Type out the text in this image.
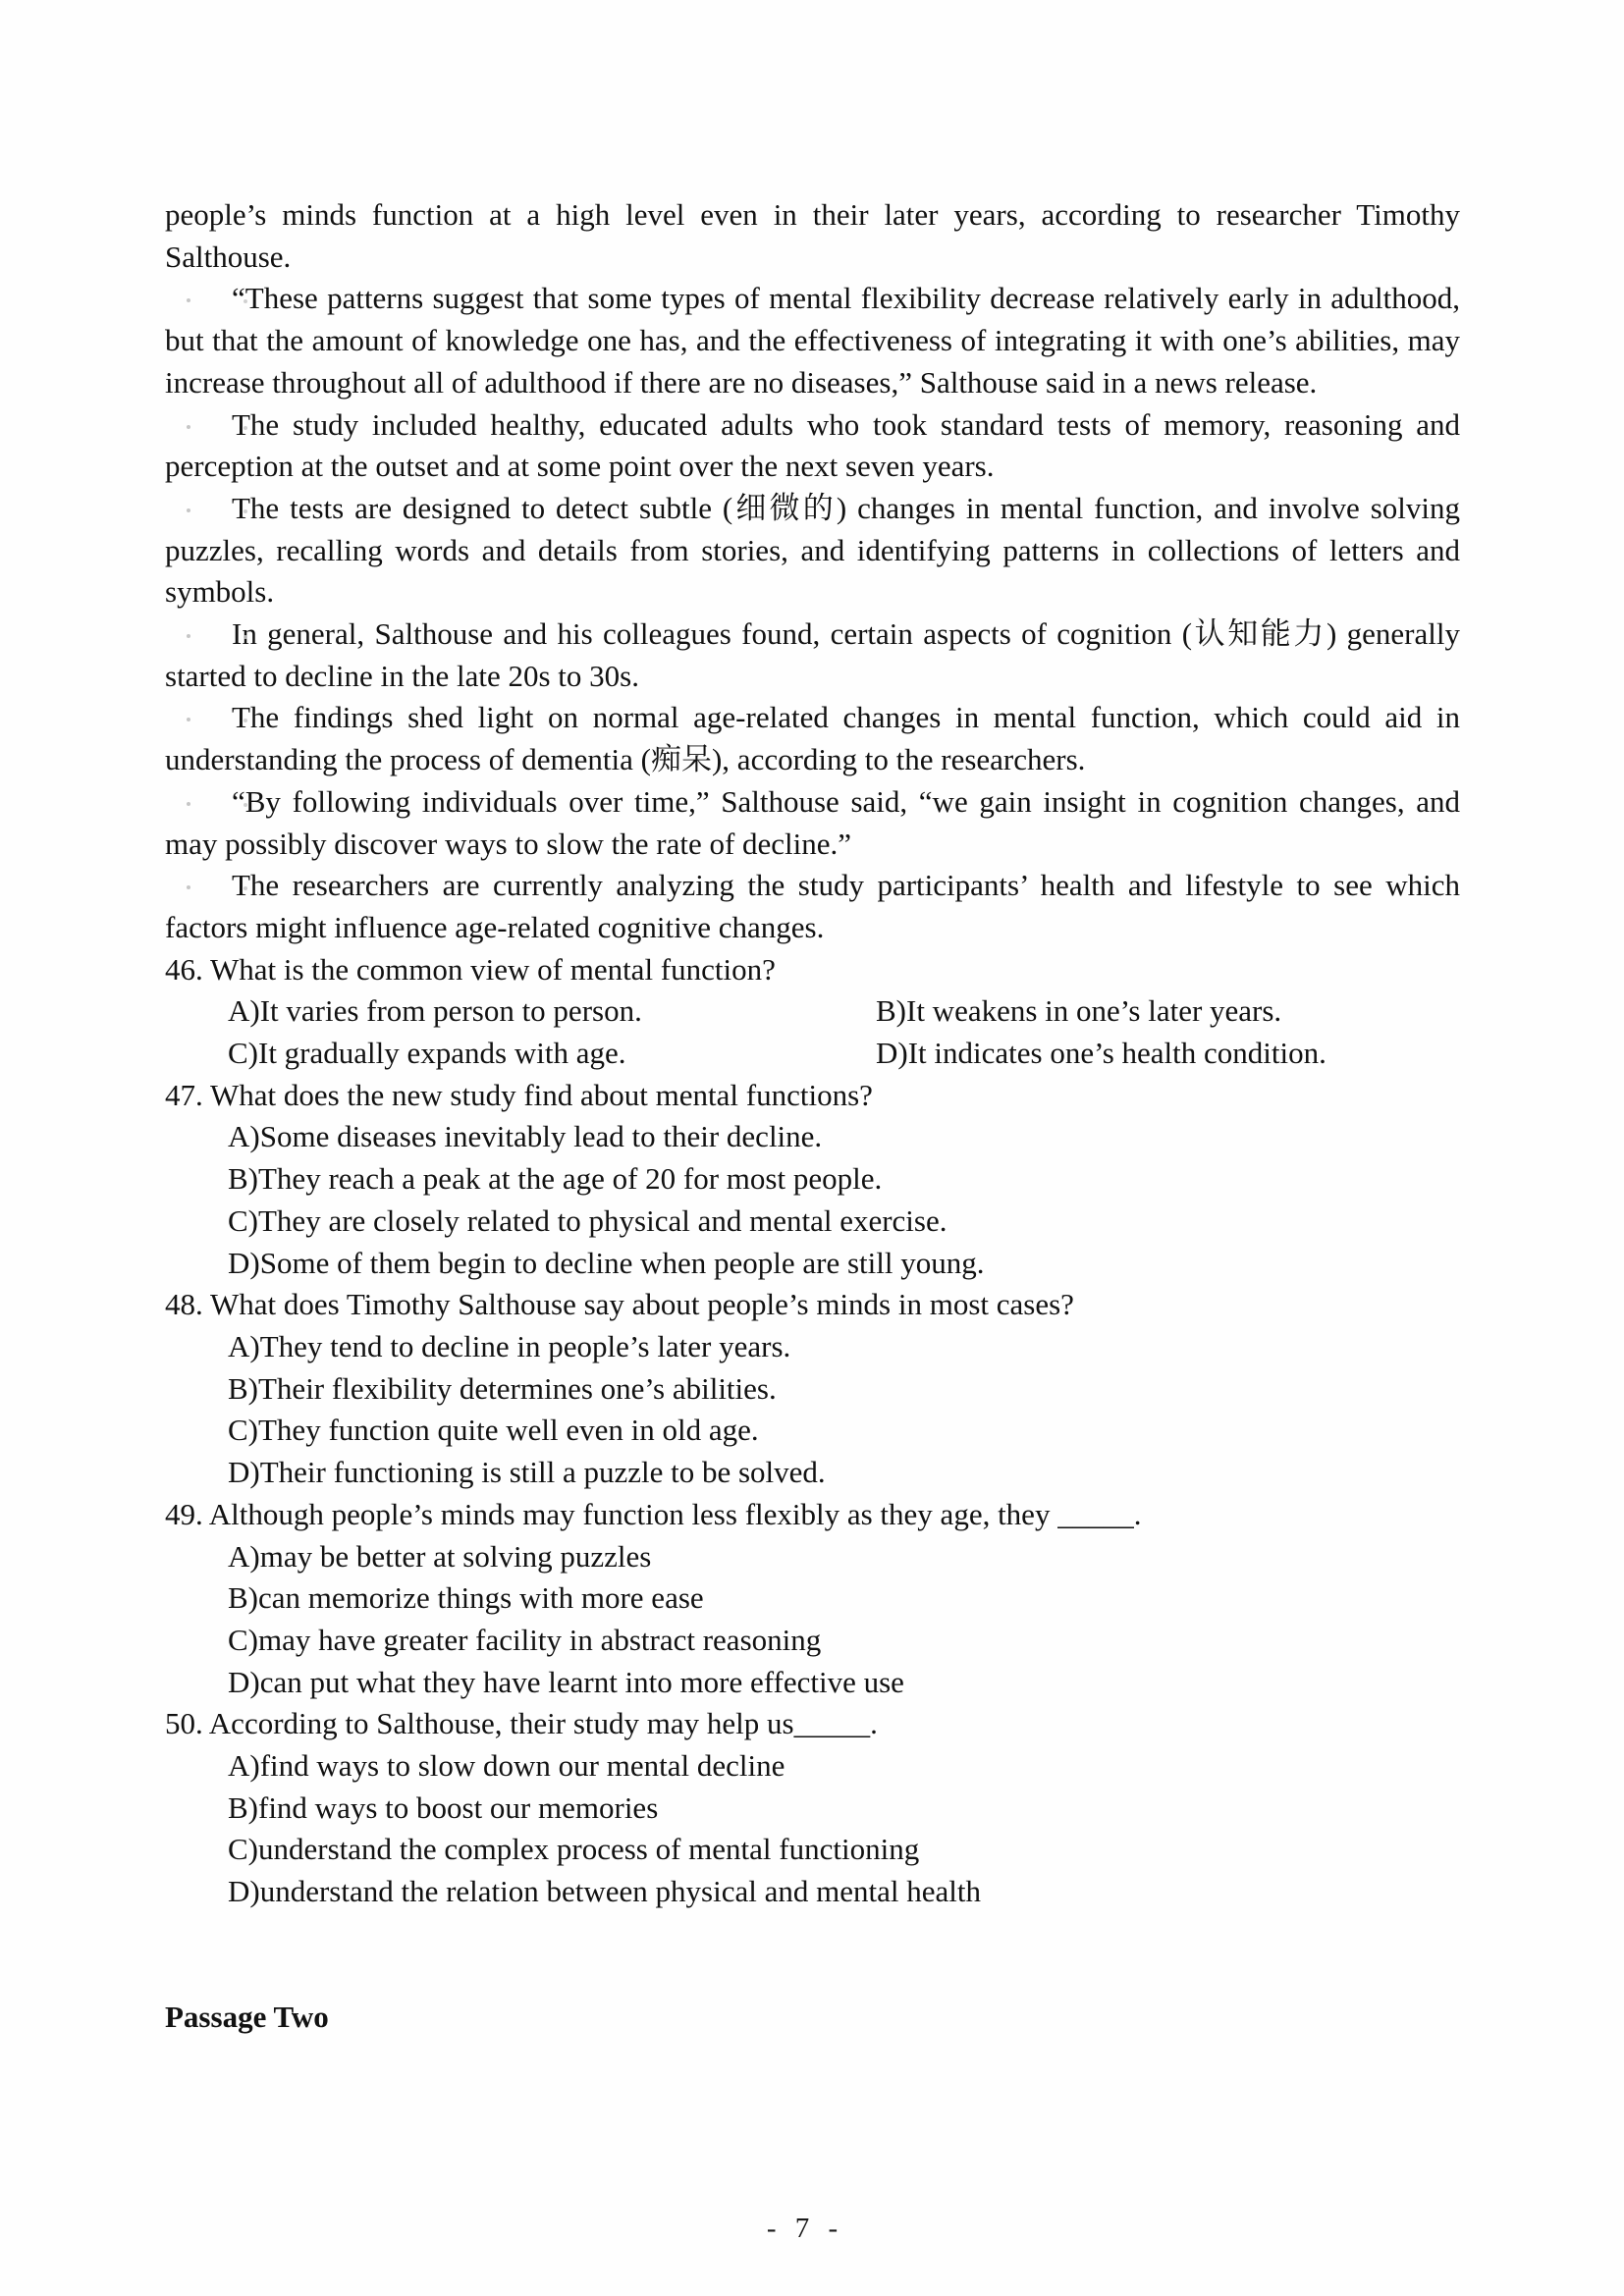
people’s minds function at a high level even in their later years, according to researcher Timothy Salthouse.

“These patterns suggest that some types of mental flexibility decrease relatively early in adulthood, but that the amount of knowledge one has, and the effectiveness of integrating it with one’s abilities, may increase throughout all of adulthood if there are no diseases,” Salthouse said in a news release.

The study included healthy, educated adults who took standard tests of memory, reasoning and perception at the outset and at some point over the next seven years.

The tests are designed to detect subtle (细微的) changes in mental function, and involve solving puzzles, recalling words and details from stories, and identifying patterns in collections of letters and symbols.

In general, Salthouse and his colleagues found, certain aspects of cognition (认知能力) generally started to decline in the late 20s to 30s.

The findings shed light on normal age-related changes in mental function, which could aid in understanding the process of dementia (痴呆), according to the researchers.

“By following individuals over time,” Salthouse said, “we gain insight in cognition changes, and may possibly discover ways to slow the rate of decline.”

The researchers are currently analyzing the study participants’ health and lifestyle to see which factors might influence age-related cognitive changes.

46. What is the common view of mental function?

A)It varies from person to person.	B)It weakens in one’s later years.

C)It gradually expands with age.	D)It indicates one’s health condition.

47. What does the new study find about mental functions?

A)Some diseases inevitably lead to their decline.

B)They reach a peak at the age of 20 for most people.

C)They are closely related to physical and mental exercise.

D)Some of them begin to decline when people are still young.

48. What does Timothy Salthouse say about people’s minds in most cases?

A)They tend to decline in people’s later years.

B)Their flexibility determines one’s abilities.

C)They function quite well even in old age.

D)Their functioning is still a puzzle to be solved.

49. Although people’s minds may function less flexibly as they age, they _____.

A)may be better at solving puzzles

B)can memorize things with more ease

C)may have greater facility in abstract reasoning

D)can put what they have learnt into more effective use

50. According to Salthouse, their study may help us_____.

A)find ways to slow down our mental decline

B)find ways to boost our memories

C)understand the complex process of mental functioning

D)understand the relation between physical and mental health

Passage Two

- 7 -
